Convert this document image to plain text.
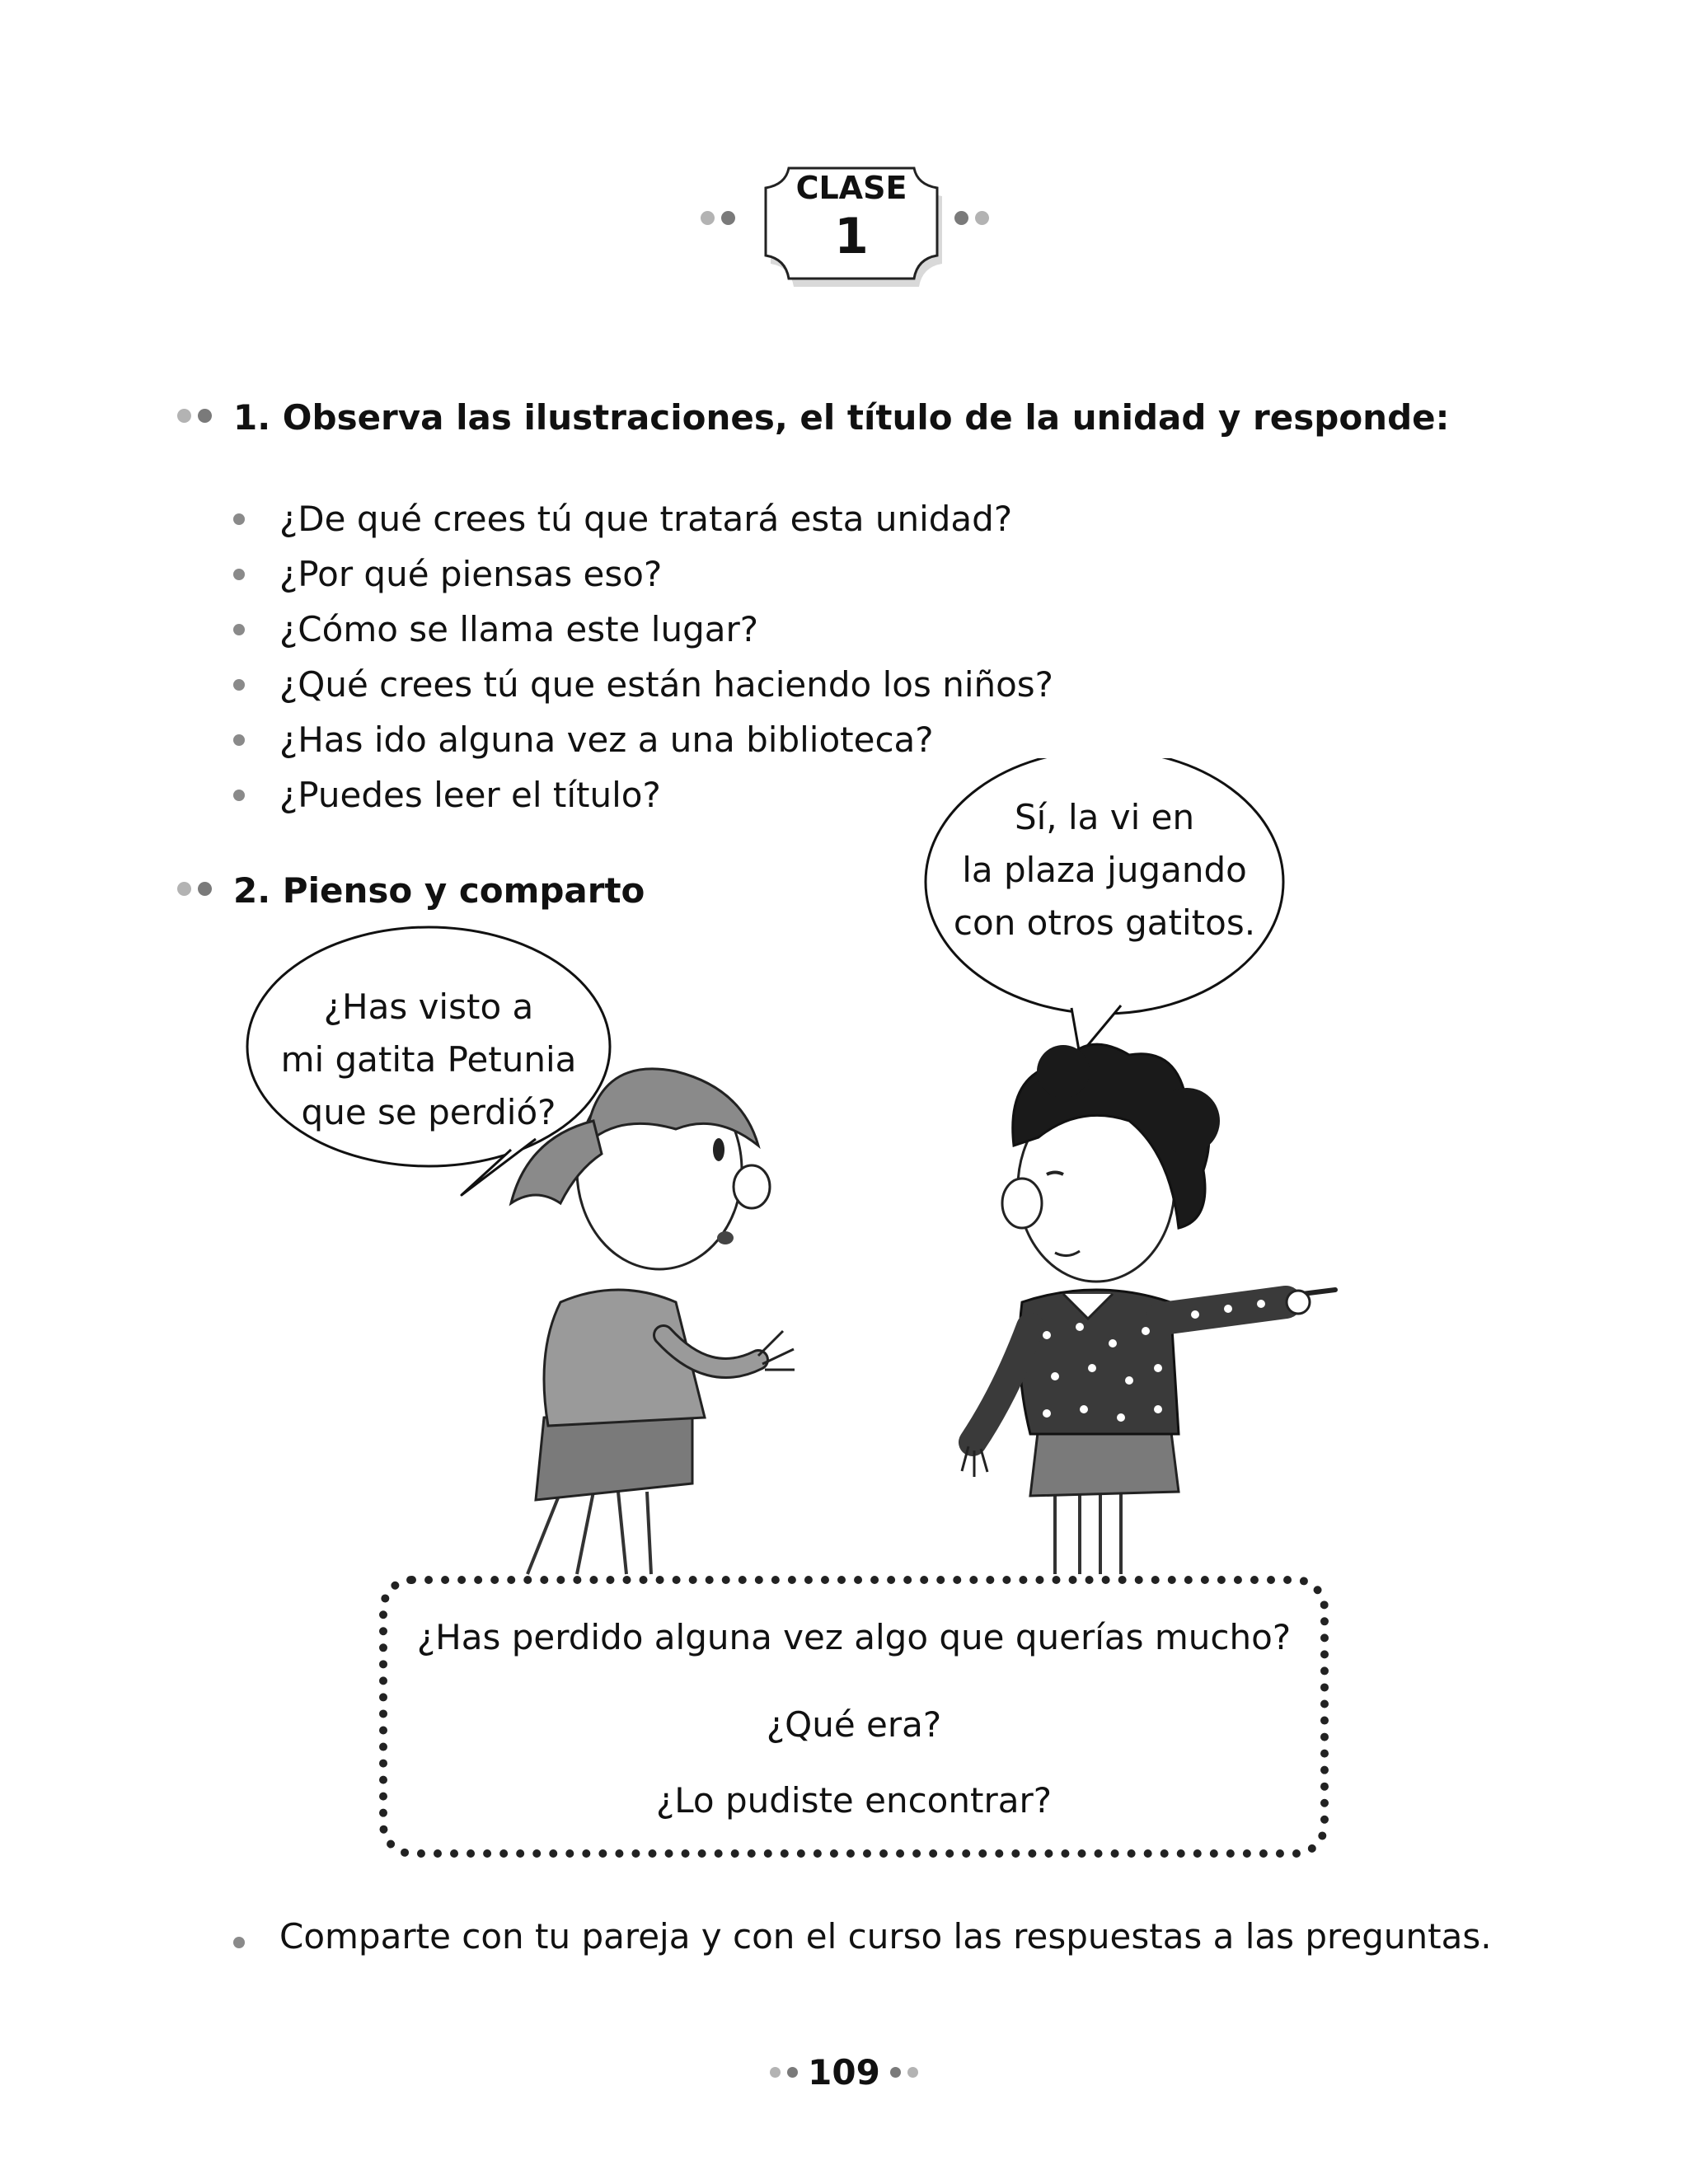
CLASE
1
1. Observa las ilustraciones, el título de la unidad y responde:
¿De qué crees tú que tratará esta unidad?
¿Por qué piensas eso?
¿Cómo se llama este lugar?
¿Qué crees tú que están haciendo los niños?
¿Has ido alguna vez a una biblioteca?
¿Puedes leer el título?
2. Pienso y comparto
Sí, la vi en
la plaza jugando
con otros gatitos.
¿Has visto a
mi gatita Petunia
que se perdió?
¿Has perdido alguna vez algo que querías mucho?
¿Qué era?
¿Lo pudiste encontrar?
Comparte con tu pareja y con el curso las respuestas a las preguntas.
109
